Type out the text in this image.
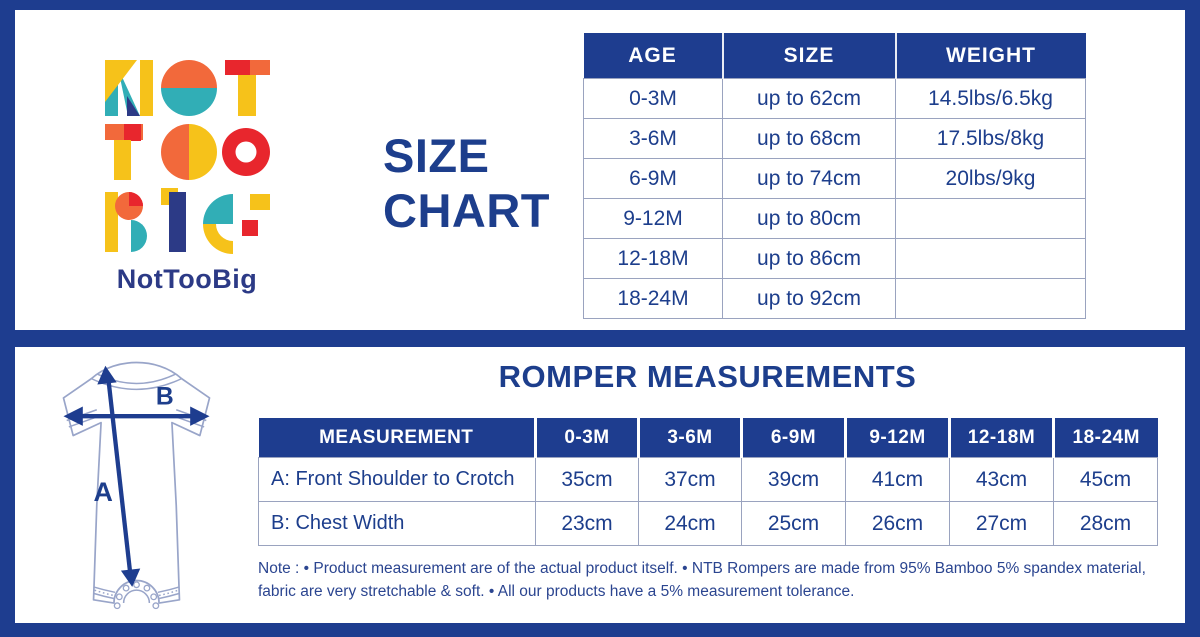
NotTooBig
SIZE
CHART
AGE	SIZE	WEIGHT
0-3M	up to 62cm	14.5lbs/6.5kg
3-6M	up to 68cm	17.5lbs/8kg
6-9M	up to 74cm	20lbs/9kg
9-12M	up to 80cm	
12-18M	up to 86cm	
18-24M	up to 92cm	
B
A
ROMPER MEASUREMENTS
MEASUREMENT	0-3M	3-6M	6-9M	9-12M	12-18M	18-24M
A: Front Shoulder to Crotch	35cm	37cm	39cm	41cm	43cm	45cm
B: Chest Width	23cm	24cm	25cm	26cm	27cm	28cm
Note : • Product measurement are of the actual product itself. • NTB Rompers are made from 95% Bamboo 5% spandex material, fabric are very stretchable & soft. • All our products have a 5% measurement tolerance.
